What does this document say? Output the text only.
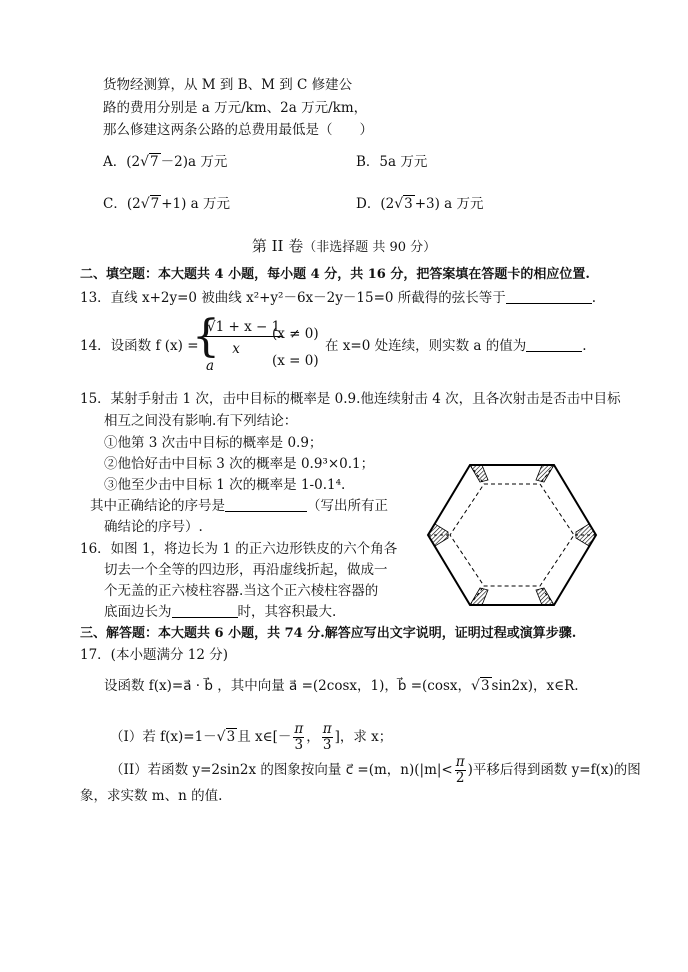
货物经测算，从 M 到 B、M 到 C 修建公
路的费用分别是 a 万元/km、2a 万元/km，
那么修建这两条公路的总费用最低是（　　）
A．(2√7 －2)a 万元	B．5a 万元
C．(2√7 +1) a 万元	D．(2√3 +3) a 万元
第 II 卷（非选择题 共 90 分）
二、填空题：本大题共 4 小题，每小题 4 分，共 16 分，把答案填在答题卡的相应位置.
13．直线 x+2y=0 被曲线 x²+y²－6x－2y－15=0 所截得的弦长等于	.
14．设函数 f (x) =
{
√1 + x − 1
x
(x ≠ 0)
a	(x = 0)
在 x=0 处连续，则实数 a 的值为	.
15．某射手射击 1 次，击中目标的概率是 0.9.他连续射击 4 次，且各次射击是否击中目标
相互之间没有影响.有下列结论：
①他第 3 次击中目标的概率是 0.9；
②他恰好击中目标 3 次的概率是 0.9³×0.1；
③他至少击中目标 1 次的概率是 1-0.1⁴.
其中正确结论的序号是	（写出所有正
确结论的序号）.
16．如图 1，将边长为 1 的正六边形铁皮的六个角各
切去一个全等的四边形，再沿虚线折起，做成一
个无盖的正六棱柱容器.当这个正六棱柱容器的
底面边长为	时，其容积最大.
三、解答题：本大题共 6 小题，共 74 分.解答应写出文字说明，证明过程或演算步骤.
17．(本小题满分 12 分)
设函数 f(x)=a⃗ · b⃗ ，其中向量 a⃗ =(2cosx，1)，b⃗ =(cosx，√3 sin2x)，x∈R.
（I）若 f(x)=1－√3 且 x∈[－ $\frac{\pi}{3}$ ， $\frac{\pi}{3}$ ]，求 x；
（II）若函数 y=2sin2x 的图象按向量 c⃗ =(m，$n)(|m|< \frac{\pi}{2}$ )平移后得到函数 y=f(x)的图
象，求实数 m、n 的值.
